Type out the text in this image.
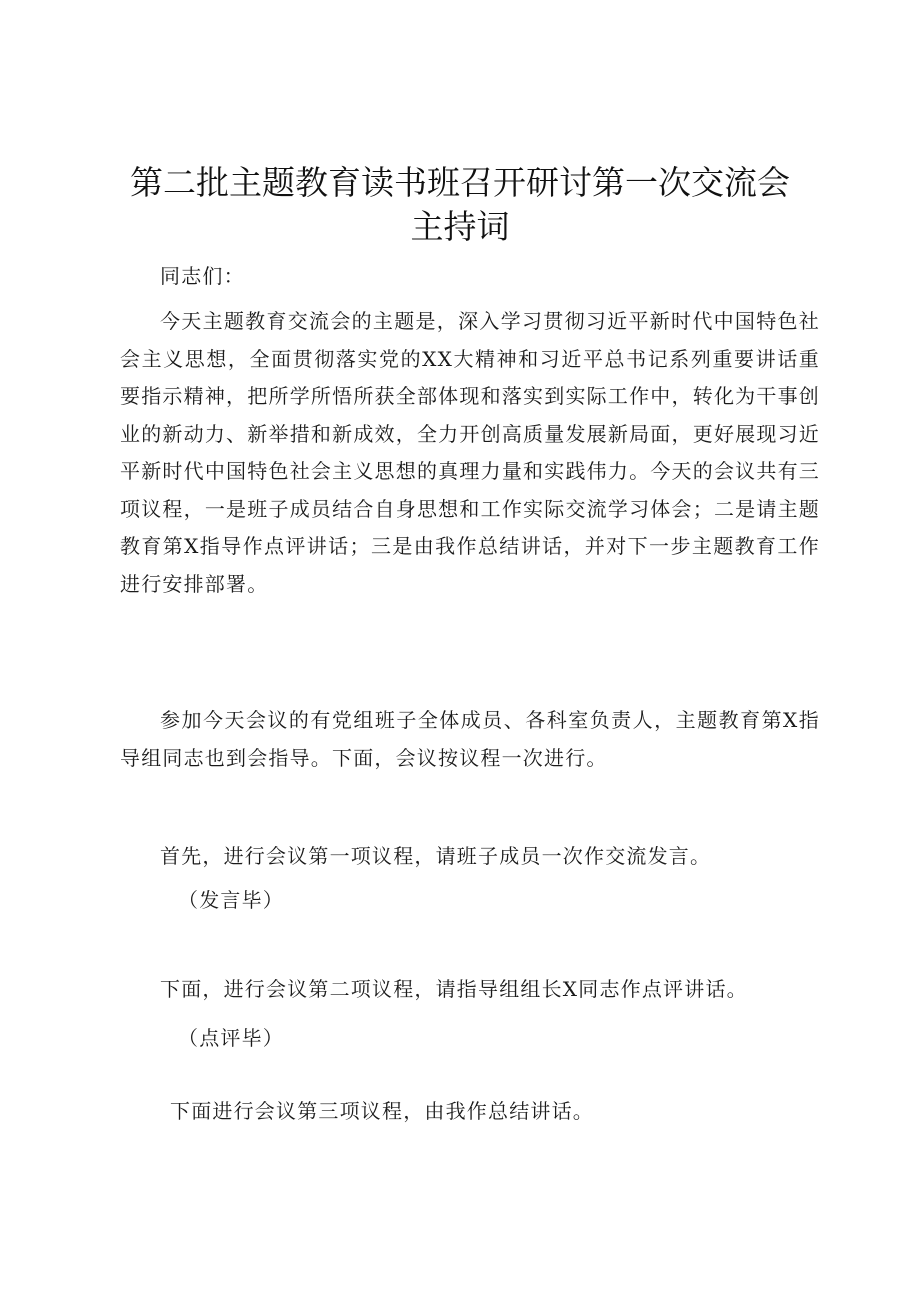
第二批主题教育读书班召开研讨第一次交流会
主持词
同志们：
今天主题教育交流会的主题是，深入学习贯彻习近平新时代中国特色社会主义思想，全面贯彻落实党的XX大精神和习近平总书记系列重要讲话重要指示精神，把所学所悟所获全部体现和落实到实际工作中，转化为干事创业的新动力、新举措和新成效，全力开创高质量发展新局面，更好展现习近平新时代中国特色社会主义思想的真理力量和实践伟力。今天的会议共有三项议程，一是班子成员结合自身思想和工作实际交流学习体会；二是请主题教育第X指导作点评讲话；三是由我作总结讲话，并对下一步主题教育工作进行安排部署。
参加今天会议的有党组班子全体成员、各科室负责人，主题教育第X指导组同志也到会指导。下面，会议按议程一次进行。
首先，进行会议第一项议程，请班子成员一次作交流发言。
（发言毕）
下面，进行会议第二项议程，请指导组组长X同志作点评讲话。
（点评毕）
下面进行会议第三项议程，由我作总结讲话。
